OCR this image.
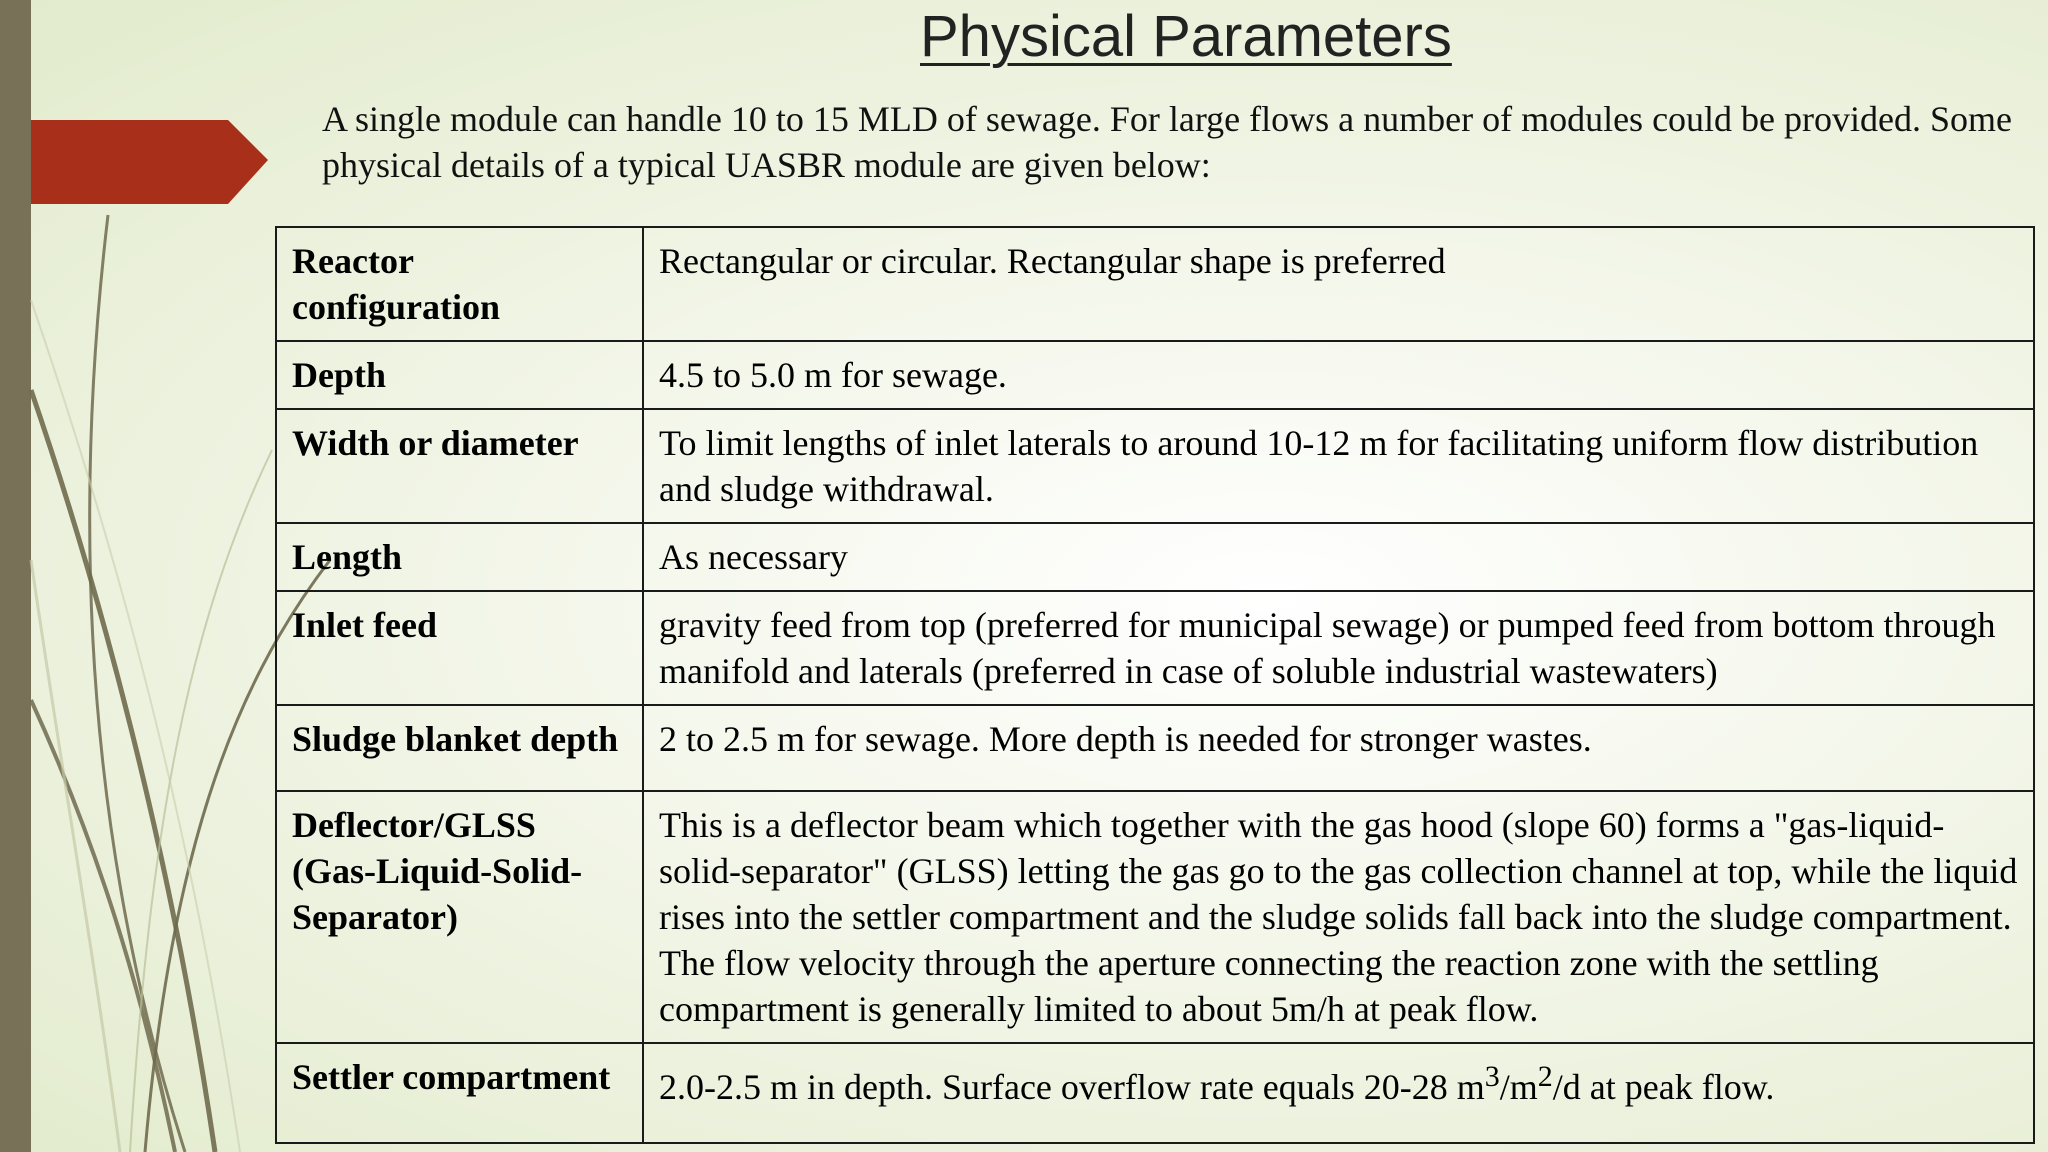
Physical Parameters

A single module can handle 10 to 15 MLD of sewage. For large flows a number of modules could be provided. Some physical details of a typical UASBR module are given below:

Reactor configuration	Rectangular or circular. Rectangular shape is preferred
Depth	4.5 to 5.0 m for sewage.
Width or diameter	To limit lengths of inlet laterals to around 10-12 m for facilitating uniform flow distribution and sludge withdrawal.
Length	As necessary
Inlet feed	gravity feed from top (preferred for municipal sewage) or pumped feed from bottom through manifold and laterals (preferred in case of soluble industrial wastewaters)
Sludge blanket depth	2 to 2.5 m for sewage. More depth is needed for stronger wastes.
Deflector/GLSS (Gas-Liquid-Solid-Separator)	This is a deflector beam which together with the gas hood (slope 60) forms a "gas-liquid-solid-separator" (GLSS) letting the gas go to the gas collection channel at top, while the liquid rises into the settler compartment and the sludge solids fall back into the sludge compartment. The flow velocity through the aperture connecting the reaction zone with the settling compartment is generally limited to about 5m/h at peak flow.
Settler compartment	2.0-2.5 m in depth. Surface overflow rate equals 20-28 $m^3/m^2/d$ at peak flow.
